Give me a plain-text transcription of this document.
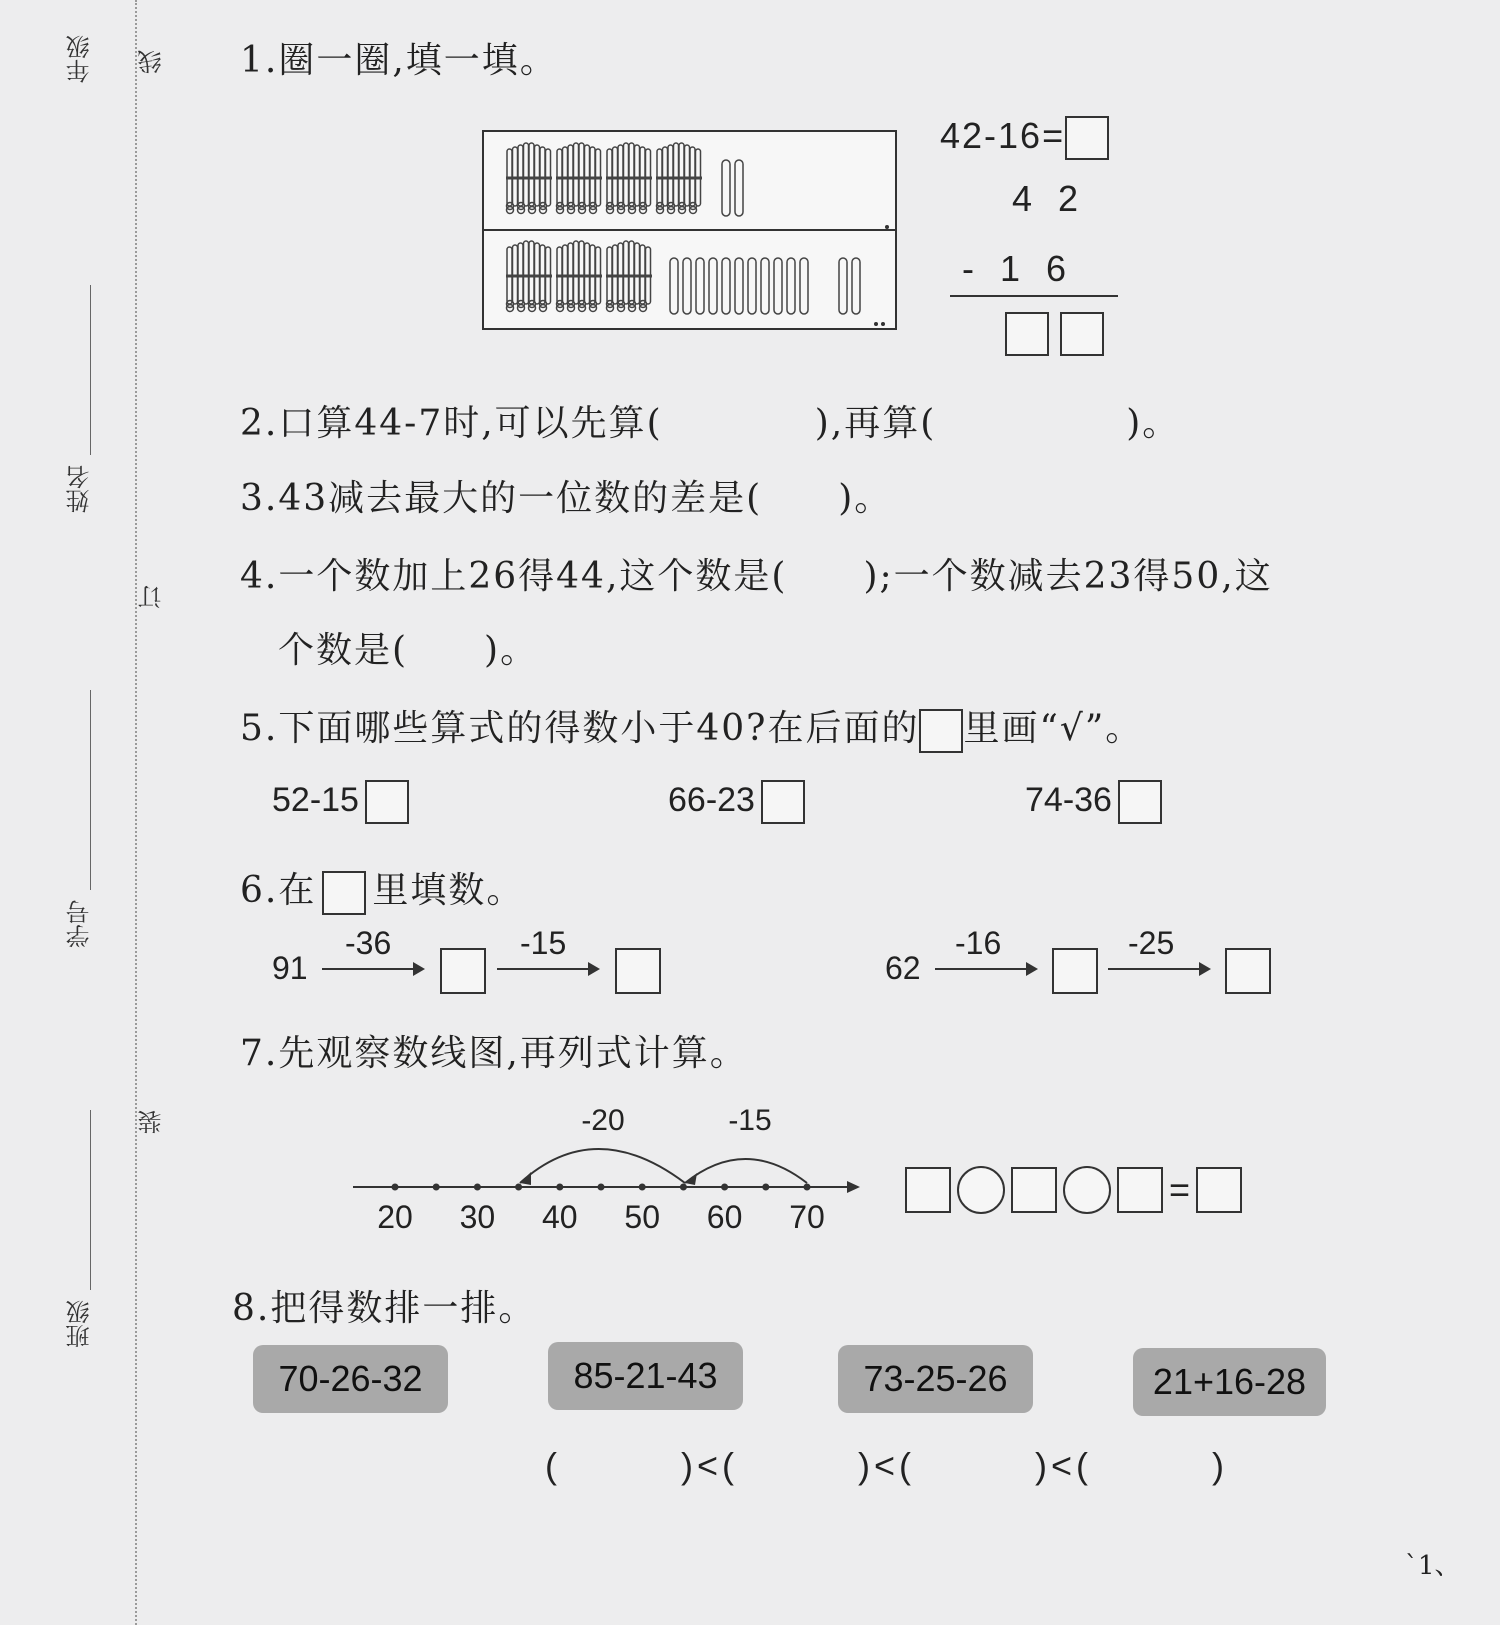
年级
姓名
学号
班级
线
订
装
1.圈一圈,填一填。
42-16=
4 2
- 1 6

2.口算44-7时,可以先算(　　　　),再算(　　　　　)。
3.43减去最大的一位数的差是(　　)。
4.一个数加上26得44,这个数是(　　);一个数减去23得50,这
个数是(　　)。
5.下面哪些算式的得数小于40?在后面的 里画“√”。
52-15	66-23	74-36
6.在 里填数。
91
-36	-15
62
-16	-25
7.先观察数线图,再列式计算。
-20	-15
20 30 40 50 60 70
=
8.把得数排一排。
70-26-32	85-21-43	73-25-26	21+16-28
(　　　)<(　　　)<(　　　)<(　　　)
`1、
